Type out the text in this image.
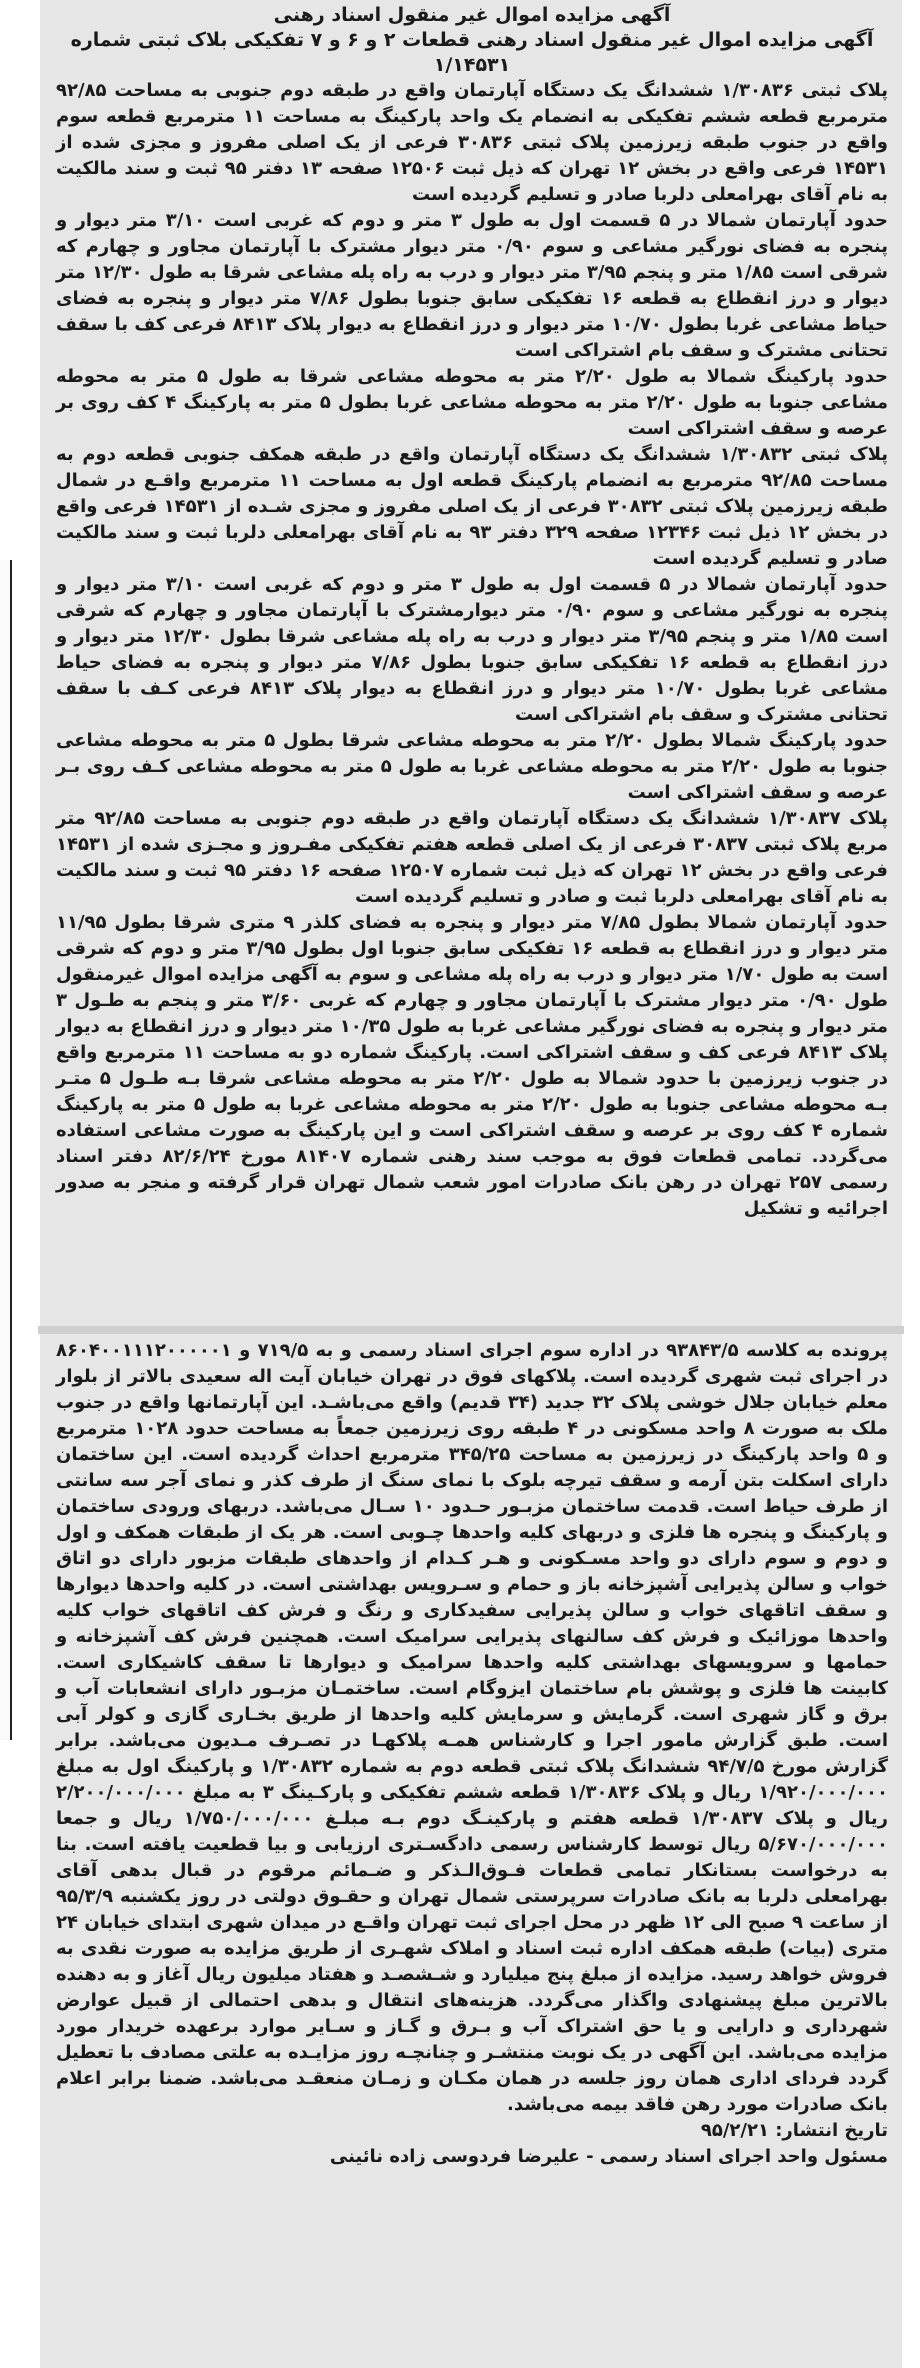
آگهی مزایده اموال غیر منقول اسناد رهنی
آگهی مزایده اموال غیر منقول اسناد رهنی قطعات ۲ و ۶ و ۷ تفکیکی بلاک ثبتی شماره ۱/۱۴۵۳۱

پلاک ثبتی ۱/۳۰۸۳۶ ششدانگ یک دستگاه آپارتمان واقع در طبقه دوم جنوبی به مساحت ۹۲/۸۵ مترمربع قطعه ششم تفکیکی به انضمام یک واحد پارکینگ به مساحت ۱۱ مترمربع قطعه سوم واقع در جنوب طبقه زیرزمین پلاک ثبتی ۳۰۸۳۶ فرعی از یک اصلی مفروز و مجزی شده از ۱۴۵۳۱ فرعی واقع در بخش ۱۲ تهران که ذیل ثبت ۱۲۵۰۶ صفحه ۱۳ دفتر ۹۵ ثبت و سند مالکیت به نام آقای بهرامعلی دلربا صادر و تسلیم گردیده است

حدود آپارتمان شمالا در ۵ قسمت اول به طول ۳ متر و دوم که غربی است ۳/۱۰ متر دیوار و پنجره به فضای نورگیر مشاعی و سوم ۰/۹۰ متر دیوار مشترک با آپارتمان مجاور و چهارم که شرقی است ۱/۸۵ متر و پنجم ۳/۹۵ متر دیوار و درب به راه پله مشاعی شرقا به طول ۱۲/۳۰ متر دیوار و درز انقطاع به قطعه ۱۶ تفکیکی سابق جنوبا بطول ۷/۸۶ متر دیوار و پنجره به فضای حیاط مشاعی غربا بطول ۱۰/۷۰ متر دیوار و درز انقطاع به دیوار پلاک ۸۴۱۳ فرعی کف با سقف تحتانی مشترک و سقف بام اشتراکی است

حدود پارکینگ شمالا به طول ۲/۲۰ متر به محوطه مشاعی شرقا به طول ۵ متر به محوطه مشاعی جنوبا به طول ۲/۲۰ متر به محوطه مشاعی غربا بطول ۵ متر به پارکینگ ۴ کف روی بر عرصه و سقف اشتراکی است

پلاک ثبتی ۱/۳۰۸۳۲ ششدانگ یک دستگاه آپارتمان واقع در طبقه همکف جنوبی قطعه دوم به مساحت ۹۲/۸۵ مترمربع به انضمام پارکینگ قطعه اول به مساحت ۱۱ مترمربع واقـع در شمال طبقه زیرزمین پلاک ثبتی ۳۰۸۳۲ فرعی از یک اصلی مفروز و مجزی شـده از ۱۴۵۳۱ فرعی واقع در بخش ۱۲ ذیل ثبت ۱۲۳۴۶ صفحه ۳۲۹ دفتر ۹۳ به نام آقای بهرامعلی دلربا ثبت و سند مالکیت صادر و تسلیم گردیده است

حدود آپارتمان شمالا در ۵ قسمت اول به طول ۳ متر و دوم که غربی است ۳/۱۰ متر دیوار و پنجره به نورگیر مشاعی و سوم ۰/۹۰ متر دیوارمشترک با آپارتمان مجاور و چهارم که شرقی است ۱/۸۵ متر و پنجم ۳/۹۵ متر دیوار و درب به راه پله مشاعی شرقا بطول ۱۲/۳۰ متر دیوار و درز انقطاع به قطعه ۱۶ تفکیکی سابق جنوبا بطول ۷/۸۶ متر دیوار و پنجره به فضای حیاط مشاعی غربا بطول ۱۰/۷۰ متر دیوار و درز انقطاع به دیوار پلاک ۸۴۱۳ فرعی کـف با سقف تحتانی مشترک و سقف بام اشتراکی است

حدود پارکینگ شمالا بطول ۲/۲۰ متر به محوطه مشاعی شرقا بطول ۵ متر به محوطه مشاعی جنوبا به طول ۲/۲۰ متر به محوطه مشاعی غربا به طول ۵ متر به محوطه مشاعی کـف روی بـر عرصه و سقف اشتراکی است

پلاک ۱/۳۰۸۳۷ ششدانگ یک دستگاه آپارتمان واقع در طبقه دوم جنوبی به مساحت ۹۲/۸۵ متر مربع پلاک ثبتی ۳۰۸۳۷ فرعی از یک اصلی قطعه هفتم تفکیکی مفـروز و مجـزی شده از ۱۴۵۳۱ فرعی واقع در بخش ۱۲ تهران که ذیل ثبت شماره ۱۲۵۰۷ صفحه ۱۶ دفتر ۹۵ ثبت و سند مالکیت به نام آقای بهرامعلی دلربا ثبت و صادر و تسلیم گردیده است

حدود آپارتمان شمالا بطول ۷/۸۵ متر دیوار و پنجره به فضای کلذر ۹ متری شرقا بطول ۱۱/۹۵ متر دیوار و درز انقطاع به قطعه ۱۶ تفکیکی سابق جنوبا اول بطول ۳/۹۵ متر و دوم که شرقی است به طول ۱/۷۰ متر دیوار و درب به راه پله مشاعی و سوم به آگهی مزایده اموال غیرمنقول طول ۰/۹۰ متر دیوار مشترک با آپارتمان مجاور و چهارم که غربی ۳/۶۰ متر و پنجم به طـول ۳ متر دیوار و پنجره به فضای نورگیر مشاعی غربا به طول ۱۰/۳۵ متر دیوار و درز انقطاع به دیوار پلاک ۸۴۱۳ فرعی کف و سقف اشتراکی است. پارکینگ شماره دو به مساحت ۱۱ مترمربع واقع در جنوب زیرزمین با حدود شمالا به طول ۲/۲۰ متر به محوطه مشاعی شرقا بـه طـول ۵ متـر بـه محوطه مشاعی جنوبا به طول ۲/۲۰ متر به محوطه مشاعی غربا به طول ۵ متر به پارکینگ شماره ۴ کف روی بر عرصه و سقف اشتراکی است و این پارکینگ به صورت مشاعی استفاده می‌گردد. تمامی قطعات فوق به موجب سند رهنی شماره ۸۱۴۰۷ مورخ ۸۲/۶/۲۴ دفتر اسناد رسمی ۲۵۷ تهران در رهن بانک صادرات امور شعب شمال تهران قرار گرفته و منجر به صدور اجرائیه و تشکیل

پرونده به کلاسه ۹۳۸۴۳/۵ در اداره سوم اجرای اسناد رسمی و به ۷۱۹/۵ و ۸۶۰۴۰۰۱۱۱۲۰۰۰۰۰۱ در اجرای ثبت شهری گردیده است. پلاکهای فوق در تهران خیابان آیت اله سعیدی بالاتر از بلوار معلم خیابان جلال خوشی پلاک ۳۲ جدید (۳۴ قدیم) واقع می‌باشـد. این آپارتمانها واقع در جنوب ملک به صورت ۸ واحد مسکونی در ۴ طبقه روی زیرزمین جمعاً به مساحت حدود ۱۰۲۸ مترمربع و ۵ واحد پارکینگ در زیرزمین به مساحت ۳۴۵/۲۵ مترمربع احداث گردیده است. این ساختمان دارای اسکلت بتن آرمه و سقف تیرچه بلوک با نمای سنگ از طرف کذر و نمای آجر سه سانتی از طرف حیاط است. قدمت ساختمان مزبـور حـدود ۱۰ سـال می‌باشد. دربهای ورودی ساختمان و پارکینگ و پنجره ها فلزی و دربهای کلیه واحدها چـوبی است. هر یک از طبقات همکف و اول و دوم و سوم دارای دو واحد مسـکونی و هـر کـدام از واحدهای طبقات مزبور دارای دو اتاق خواب و سالن پذیرایی آشپزخانه باز و حمام و سـرویس بهداشتی است. در کلیه واحدها دیوارها و سقف اتاقهای خواب و سالن پذیرایی سفیدکاری و رنگ و فرش کف اتاقهای خواب کلیه واحدها موزائیک و فرش کف سالنهای پذیرایی سرامیک است. همچنین فرش کف آشپزخانه و حمامها و سرویسهای بهداشتی کلیه واحدها سرامیک و دیوارها تا سقف کاشیکاری است. کابینت ها فلزی و پوشش بام ساختمان ایزوگام است. ساختمـان مزبـور دارای انشعابات آب و برق و گاز شهری است. گرمایش و سرمایش کلیه واحدها از طریق بخـاری گازی و کولر آبی است. طبق گزارش مامور اجرا و کارشناس همـه پلاکهـا در تصـرف مـدیون می‌باشد. برابر گزارش مورخ ۹۴/۷/۵ ششدانگ پلاک ثبتی قطعه دوم به شماره ۱/۳۰۸۳۲ و پارکینگ اول به مبلغ ۱/۹۲۰/۰۰۰/۰۰۰ ریال و پلاک ۱/۳۰۸۳۶ قطعه ششم تفکیکی و پارکـینگ ۳ به مبلغ ۲/۲۰۰/۰۰۰/۰۰۰ ریال و پلاک ۱/۳۰۸۳۷ قطعه هفتم و پارکینـگ دوم بـه مبلـغ ۱/۷۵۰/۰۰۰/۰۰۰ ریال و جمعا ۵/۶۷۰/۰۰۰/۰۰۰ ریال توسط کارشناس رسمی دادگسـتری ارزیابی و بیا قطعیت یافته است. بنا به درخواست بستانکار تمامی قطعات فـوق‌الـذکر و ضـمائم مرقوم در قبال بدهی آقای بهرامعلی دلربا به بانک صادرات سرپرستی شمال تهران و حقـوق دولتی در روز یکشنبه ۹۵/۳/۹ از ساعت ۹ صبح الی ۱۲ ظهر در محل اجرای ثبت تهران واقـع در میدان شهری ابتدای خیابان ۲۴ متری (بیات) طبقه همکف اداره ثبت اسناد و املاک شهـری از طریق مزایده به صورت نقدی به فروش خواهد رسید. مزایده از مبلغ پنج میلیارد و شـشصـد و هفتاد میلیون ریال آغاز و به دهنده بالاترین مبلغ پیشنهادی واگذار می‌گردد. هزینه‌های انتقال و بدهی احتمالی از قبیل عوارض شهرداری و دارایی و یا حق اشتراک آب و بـرق و گـاز و سـایر موارد برعهده خریدار مورد مزایده می‌باشد. این آگهی در یک نوبت منتشـر و چنانچـه روز مزایـده به علتی مصادف با تعطیل گردد فردای اداری همان روز جلسه در همان مکـان و زمـان منعقـد می‌باشد. ضمنا برابر اعلام بانک صادرات مورد رهن فاقد بیمه می‌باشد.

تاریخ انتشار: ۹۵/۲/۲۱

مسئول واحد اجرای اسناد رسمی - علیرضا فردوسی زاده نائینی
